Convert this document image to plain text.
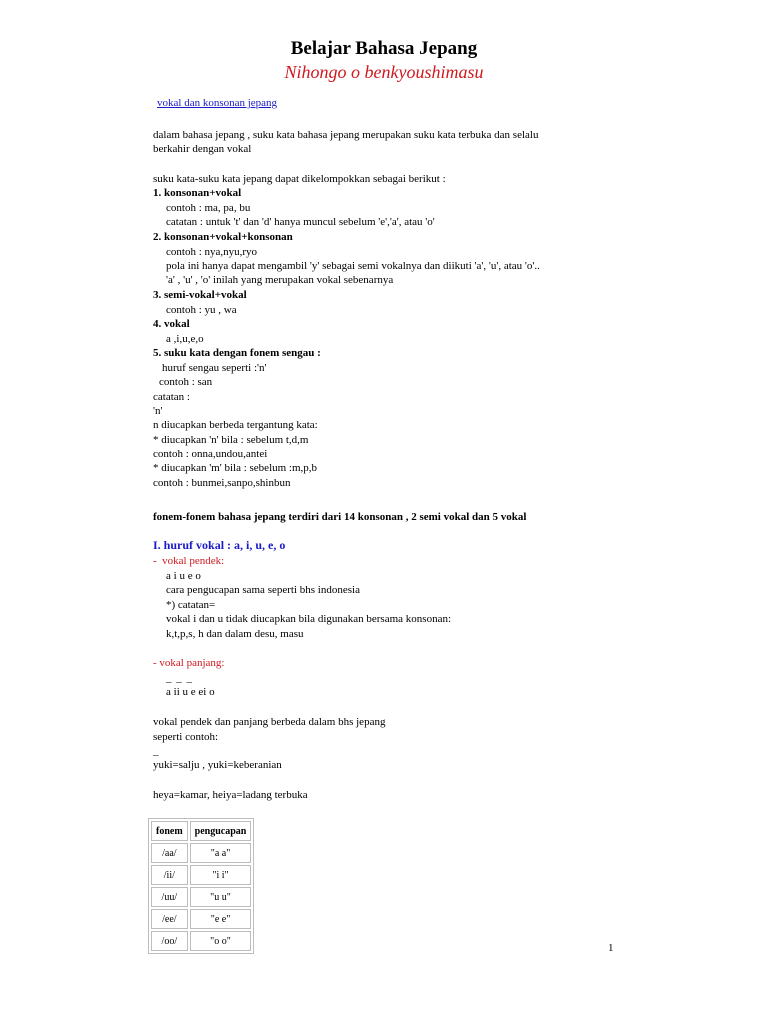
Belajar Bahasa Jepang
Nihongo o benkyoushimasu
vokal dan konsonan jepang
dalam bahasa jepang , suku kata bahasa jepang merupakan suku kata terbuka dan selalu
berkahir dengan vokal
suku kata-suku kata jepang dapat dikelompokkan sebagai berikut :
1. konsonan+vokal
contoh : ma, pa, bu
catatan : untuk 't' dan 'd' hanya muncul sebelum 'e','a', atau 'o'
2. konsonan+vokal+konsonan
contoh : nya,nyu,ryo
pola ini hanya dapat mengambil 'y' sebagai semi vokalnya dan diikuti 'a', 'u', atau 'o'..
'a' , 'u' , 'o' inilah yang merupakan vokal sebenarnya
3. semi-vokal+vokal
contoh : yu , wa
4. vokal
a ,i,u,e,o
5. suku kata dengan fonem sengau :
huruf sengau seperti :'n'
contoh : san
catatan :
'n'
n diucapkan berbeda tergantung kata:
* diucapkan 'n' bila : sebelum t,d,m
contoh : onna,undou,antei
* diucapkan 'm' bila : sebelum :m,p,b
contoh : bunmei,sanpo,shinbun
fonem-fonem bahasa jepang terdiri dari 14 konsonan , 2 semi vokal dan 5 vokal
I. huruf vokal : a, i, u, e, o
- vokal pendek:
a i u e o
cara pengucapan sama seperti bhs indonesia
*) catatan=
vokal i dan u tidak diucapkan bila digunakan bersama konsonan:
k,t,p,s, h dan dalam desu, masu
- vokal panjang:
_ _ _
a ii u e ei o
vokal pendek dan panjang berbeda dalam bhs jepang
seperti contoh:
_
yuki=salju , yuki=keberanian
heya=kamar, heiya=ladang terbuka
fonem	pengucapan
/aa/	"a a"
/ii/	"i i"
/uu/	"u u"
/ee/	"e e"
/oo/	"o o"
1
